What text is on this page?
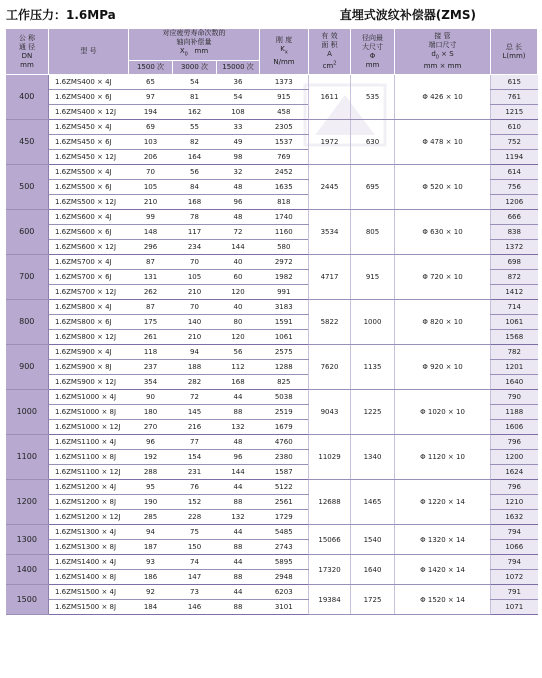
工作压力：1.6MPa	直埋式波纹补偿器(ZMS)
公 称
通 径
DN
mm	型 号	对应疲劳寿命次数的
轴向补偿量
$X_0$   mm			刚 度
$K_x$
N/mm	有 效
面 积
A
$cm^2$	径向最
大尺寸
Φ
mm	接 管
端口尺寸
$d_0 \times S$
mm × mm	总 长
L(mm)
		1500 次	3000 次	15000 次					
400	1.6ZMS400 × 4J	65	54	36	1373	1611	535	Φ 426 × 10	615
	1.6ZMS400 × 6J	97	81	54	915				761
	1.6ZMS400 × 12J	194	162	108	458				1215
450	1.6ZMS450 × 4J	69	55	33	2305	1972	630	Φ 478 × 10	610
	1.6ZMS450 × 6J	103	82	49	1537				752
	1.6ZMS450 × 12J	206	164	98	769				1194
500	1.6ZMS500 × 4J	70	56	32	2452	2445	695	Φ 520 × 10	614
	1.6ZMS500 × 6J	105	84	48	1635				756
	1.6ZMS500 × 12J	210	168	96	818				1206
600	1.6ZMS600 × 4J	99	78	48	1740	3534	805	Φ 630 × 10	666
	1.6ZMS600 × 6J	148	117	72	1160				838
	1.6ZMS600 × 12J	296	234	144	580				1372
700	1.6ZMS700 × 4J	87	70	40	2972	4717	915	Φ 720 × 10	698
	1.6ZMS700 × 6J	131	105	60	1982				872
	1.6ZMS700 × 12J	262	210	120	991				1412
800	1.6ZMS800 × 4J	87	70	40	3183	5822	1000	Φ 820 × 10	714
	1.6ZMS800 × 6J	175	140	80	1591				1061
	1.6ZMS800 × 12J	261	210	120	1061				1568
900	1.6ZMS900 × 4J	118	94	56	2575	7620	1135	Φ 920 × 10	782
	1.6ZMS900 × 8J	237	188	112	1288				1201
	1.6ZMS900 × 12J	354	282	168	825				1640
1000	1.6ZMS1000 × 4J	90	72	44	5038	9043	1225	Φ 1020 × 10	790
	1.6ZMS1000 × 8J	180	145	88	2519				1188
	1.6ZMS1000 × 12J	270	216	132	1679				1606
1100	1.6ZMS1100 × 4J	96	77	48	4760	11029	1340	Φ 1120 × 10	796
	1.6ZMS1100 × 8J	192	154	96	2380				1200
	1.6ZMS1100 × 12J	288	231	144	1587				1624
1200	1.6ZMS1200 × 4J	95	76	44	5122	12688	1465	Φ 1220 × 14	796
	1.6ZMS1200 × 8J	190	152	88	2561				1210
	1.6ZMS1200 × 12J	285	228	132	1729				1632
1300	1.6ZMS1300 × 4J	94	75	44	5485	15066	1540	Φ 1320 × 14	794
	1.6ZMS1300 × 8J	187	150	88	2743				1066
1400	1.6ZMS1400 × 4J	93	74	44	5895	17320	1640	Φ 1420 × 14	794
	1.6ZMS1400 × 8J	186	147	88	2948				1072
1500	1.6ZMS1500 × 4J	92	73	44	6203	19384	1725	Φ 1520 × 14	791
	1.6ZMS1500 × 8J	184	146	88	3101				1071
